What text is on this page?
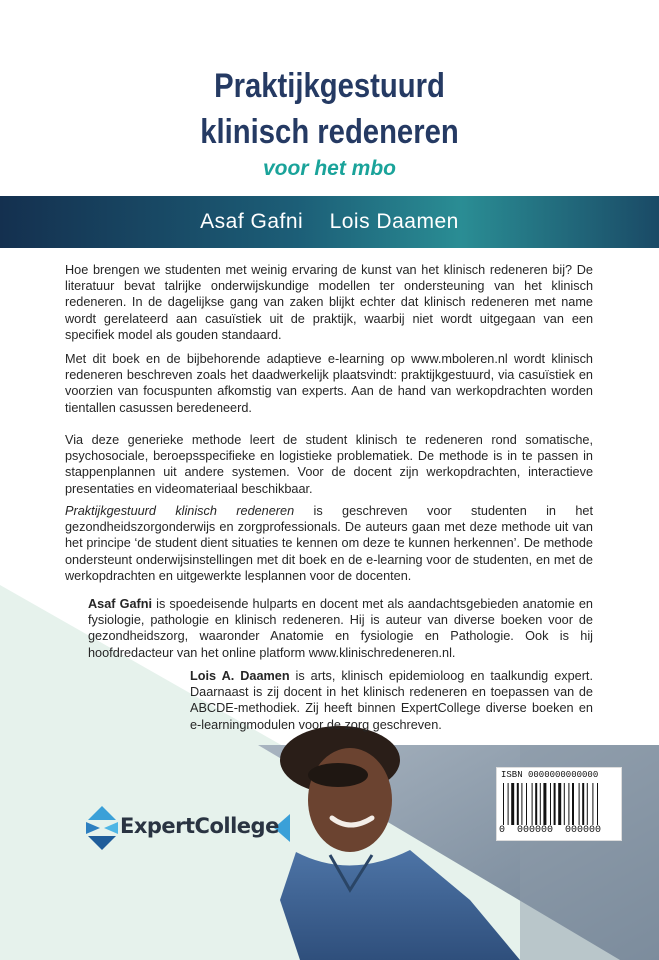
Praktijkgestuurd
klinisch redeneren
voor het mbo
Asaf Gafni Lois Daamen

Hoe brengen we studenten met weinig ervaring de kunst van het klinisch redeneren bij? De literatuur bevat talrijke onderwijskundige modellen ter ondersteuning van het klinisch redeneren. In de dagelijkse gang van zaken blijkt echter dat klinisch redeneren met name wordt gerelateerd aan casuïstiek uit de praktijk, waarbij niet wordt uitgegaan van een specifiek model als gouden standaard.

Met dit boek en de bijbehorende adaptieve e-learning op www.mboleren.nl wordt klinisch redeneren beschreven zoals het daadwerkelijk plaatsvindt: praktijkgestuurd, via casuïstiek en voorzien van focuspunten afkomstig van experts. Aan de hand van werkopdrachten worden tientallen casussen beredeneerd.

Via deze generieke methode leert de student klinisch te redeneren rond somatische, psychosociale, beroepsspecifieke en logistieke problematiek. De methode is in te passen in stappenplannen uit andere systemen. Voor de docent zijn werkopdrachten, interactieve presentaties en videomateriaal beschikbaar.

Praktijkgestuurd klinisch redeneren is geschreven voor studenten in het gezondheidszorgonderwijs en zorgprofessionals. De auteurs gaan met deze methode uit van het principe ‘de student dient situaties te kennen om deze te kunnen herkennen’. De methode ondersteunt onderwijsinstellingen met dit boek en de e-learning voor de studenten, en met de werkopdrachten en uitgewerkte lesplannen voor de docenten.

Asaf Gafni is spoedeisende hulparts en docent met als aandachtsgebieden anatomie en fysiologie, pathologie en klinisch redeneren. Hij is auteur van diverse boeken voor de gezondheidszorg, waaronder Anatomie en fysiologie en Pathologie. Ook is hij hoofdredacteur van het online platform www.klinischredeneren.nl.

Lois A. Daamen is arts, klinisch epidemioloog en taalkundig expert. Daarnaast is zij docent in het klinisch redeneren en toepassen van de ABCDE-methodiek. Zij heeft binnen ExpertCollege diverse boeken en e-learningmodulen voor de zorg geschreven.

ISBN 0000000000000
0  000000  000000
ExpertCollege
